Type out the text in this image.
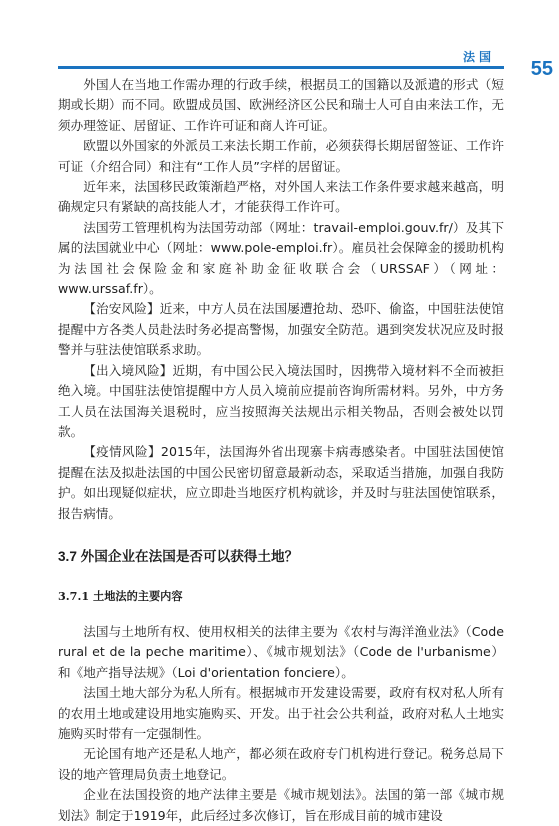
法国
55

外国人在当地工作需办理的行政手续，根据员工的国籍以及派遣的形式（短期或长期）而不同。欧盟成员国、欧洲经济区公民和瑞士人可自由来法工作，无须办理签证、居留证、工作许可证和商人许可证。

欧盟以外国家的外派员工来法长期工作前，必须获得长期居留签证、工作许可证（介绍合同）和注有“工作人员”字样的居留证。

近年来，法国移民政策渐趋严格，对外国人来法工作条件要求越来越高，明确规定只有紧缺的高技能人才，才能获得工作许可。

法国劳工管理机构为法国劳动部（网址：travail-emploi.gouv.fr/）及其下属的法国就业中心（网址：www.pole-emploi.fr）。雇员社会保障金的援助机构为法国社会保险金和家庭补助金征收联合会（URSSAF）（网址：www.urssaf.fr）。

【治安风险】近来，中方人员在法国屡遭抢劫、恐吓、偷盗，中国驻法使馆提醒中方各类人员赴法时务必提高警惕，加强安全防范。遇到突发状况应及时报警并与驻法使馆联系求助。

【出入境风险】近期，有中国公民入境法国时，因携带入境材料不全而被拒绝入境。中国驻法使馆提醒中方人员入境前应提前咨询所需材料。另外，中方务工人员在法国海关退税时，应当按照海关法规出示相关物品，否则会被处以罚款。

【疫情风险】2015年，法国海外省出现寨卡病毒感染者。中国驻法国使馆提醒在法及拟赴法国的中国公民密切留意最新动态，采取适当措施，加强自我防护。如出现疑似症状，应立即赴当地医疗机构就诊，并及时与驻法国使馆联系，报告病情。

3.7 外国企业在法国是否可以获得土地？
3.7.1 土地法的主要内容

法国与土地所有权、使用权相关的法律主要为《农村与海洋渔业法》（Code rural et de la peche maritime）、《城市规划法》（Code de l'urbanisme）和《地产指导法规》（Loi d'orientation fonciere）。

法国土地大部分为私人所有。根据城市开发建设需要，政府有权对私人所有的农用土地或建设用地实施购买、开发。出于社会公共利益，政府对私人土地实施购买时带有一定强制性。

无论国有地产还是私人地产，都必须在政府专门机构进行登记。税务总局下设的地产管理局负责土地登记。

企业在法国投资的地产法律主要是《城市规划法》。法国的第一部《城市规划法》制定于1919年，此后经过多次修订，旨在形成目前的城市建设
